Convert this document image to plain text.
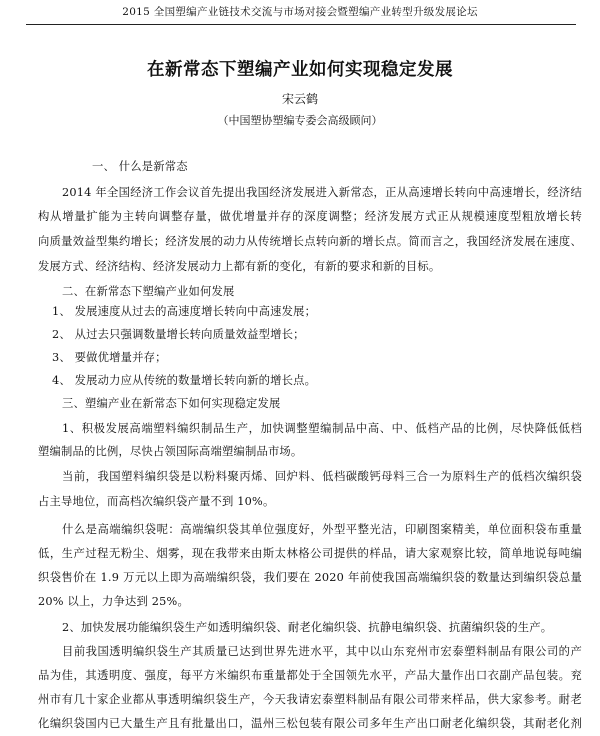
2015 全国塑编产业链技术交流与市场对接会暨塑编产业转型升级发展论坛
在新常态下塑编产业如何实现稳定发展
宋云鹤
（中国塑协塑编专委会高级顾问）
一、 什么是新常态
2014 年全国经济工作会议首先提出我国经济发展进入新常态，正从高速增长转向中高速增长，经济结
构从增量扩能为主转向调整存量，做优增量并存的深度调整；经济发展方式正从规模速度型粗放增长转
向质量效益型集约增长；经济发展的动力从传统增长点转向新的增长点。简而言之，我国经济发展在速度、
发展方式、经济结构、经济发展动力上都有新的变化，有新的要求和新的目标。
二、在新常态下塑编产业如何发展
1、 发展速度从过去的高速度增长转向中高速发展；
2、 从过去只强调数量增长转向质量效益型增长；
3、 要做优增量并存；
4、 发展动力应从传统的数量增长转向新的增长点。
三、塑编产业在新常态下如何实现稳定发展
1、积极发展高端塑料编织制品生产，加快调整塑编制品中高、中、低档产品的比例，尽快降低低档
塑编制品的比例，尽快占领国际高端塑编制品市场。
当前，我国塑料编织袋是以粉料聚丙烯、回炉料、低档碳酸钙母料三合一为原料生产的低档次编织袋
占主导地位，而高档次编织袋产量不到 10%。
什么是高端编织袋呢：高端编织袋其单位强度好，外型平整光洁，印刷图案精美，单位面积袋布重量
低，生产过程无粉尘、烟雾，现在我带来由斯太林格公司提供的样品，请大家观察比较，简单地说每吨编
织袋售价在 1.9 万元以上即为高端编织袋，我们要在 2020 年前使我国高端编织袋的数量达到编织袋总量
20% 以上，力争达到 25%。
2、加快发展功能编织袋生产如透明编织袋、耐老化编织袋、抗静电编织袋、抗菌编织袋的生产。
目前我国透明编织袋生产其质量已达到世界先进水平，其中以山东兖州市宏泰塑料制品有限公司的产
品为佳，其透明度、强度，每平方米编织布重量都处于全国领先水平，产品大量作出口衣副产品包装。兖
州市有几十家企业都从事透明编织袋生产，今天我请宏泰塑料制品有限公司带来样品，供大家参考。耐老
化编织袋国内已大量生产且有批量出口，温州三松包装有限公司多年生产出口耐老化编织袋，其耐老化剂
